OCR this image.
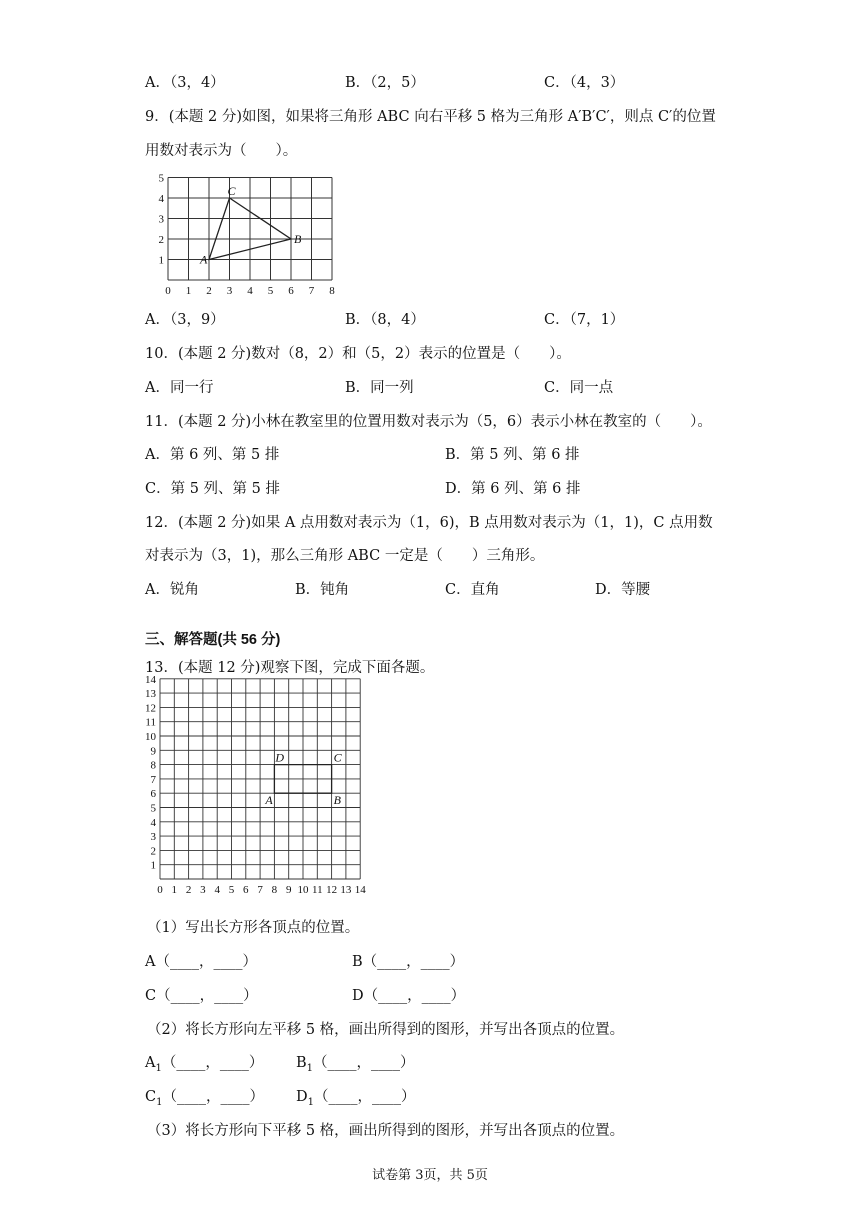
A．（3，4）	B．（2，5）	C．（4，3）
9．(本题 2 分)如图，如果将三角形 ABC 向右平移 5 格为三角形 A′B′C′，则点 C′的位置
用数对表示为（　　）。
0 1 2 3 4 5 6 7 8
1
2
3
4
5
A
B
C
A．（3，9）	B．（8，4）	C．（7，1）
10．(本题 2 分)数对（8，2）和（5，2）表示的位置是（　　）。
A．同一行	B．同一列	C．同一点
11．(本题 2 分)小林在教室里的位置用数对表示为（5，6）表示小林在教室的（　　）。
A．第 6 列、第 5 排	B．第 5 列、第 6 排
C．第 5 列、第 5 排	D．第 6 列、第 6 排
12．(本题 2 分)如果 A 点用数对表示为（1，6)，B 点用数对表示为（1，1)，C 点用数
对表示为（3，1)，那么三角形 ABC 一定是（　　）三角形。
A．锐角	B．钝角	C．直角	D．等腰
三、解答题(共 56 分)
13．(本题 12 分)观察下图，完成下面各题。
0 1 2 3 4 5 6 7 8 9 10 11 12 13 14
1
2
3
4
5
6
7
8
9
10
11
12
13
14
A	B
C
D
（1）写出长方形各顶点的位置。
A（____，____）	B（____，____）
C（____，____）	D（____，____）
（2）将长方形向左平移 5 格，画出所得到的图形，并写出各顶点的位置。
$A_1(\_\_\_\_$，____） $B_1(\_\_\_\_$，____）
$C_1(\_\_\_\_$，____） $D_1(\_\_\_\_$，____）
（3）将长方形向下平移 5 格，画出所得到的图形，并写出各顶点的位置。
试卷第 3页，共 5页
